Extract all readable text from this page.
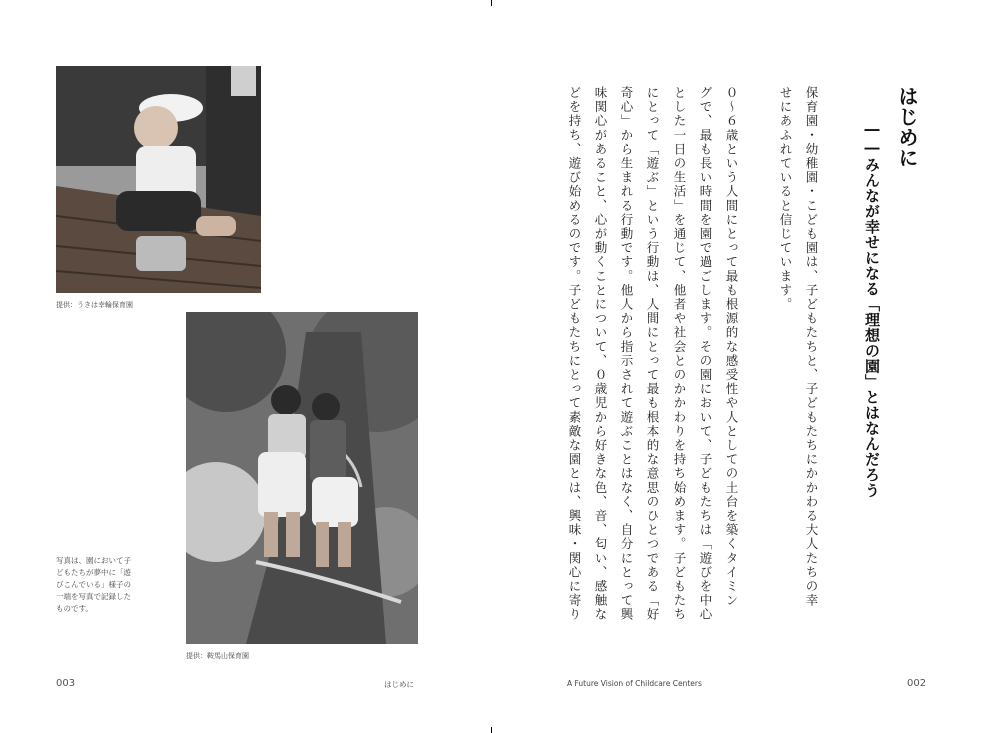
提供：うきは幸輪保育園
提供：鞍馬山保育園
写真は、園において子
どもたちが夢中に「遊
びこんでいる」様子の
一端を写真で記録した
ものです。
003	はじめに
はじめに
――みんなが幸せになる「理想の園」とはなんだろう
保育園・幼稚園・こども園は、子どもたちと、子どもたちにかかわる大人たちの幸
せにあふれていると信じています。
０～６歳という人間にとって最も根源的な感受性や人としての土台を築くタイミン
グで、最も長い時間を園で過ごします。その園において、子どもたちは「遊びを中心
とした一日の生活」を通じて、他者や社会とのかかわりを持ち始めます。子どもたち
にとって「遊ぶ」という行動は、人間にとって最も根本的な意思のひとつである「好
奇心」から生まれる行動です。他人から指示されて遊ぶことはなく、自分にとって興
味関心があること、心が動くことについて、０歳児から好きな色、音、匂い、感触な
どを持ち、遊び始めるのです。子どもたちにとって素敵な園とは、興味・関心に寄り
A Future Vision of Childcare Centers	002
